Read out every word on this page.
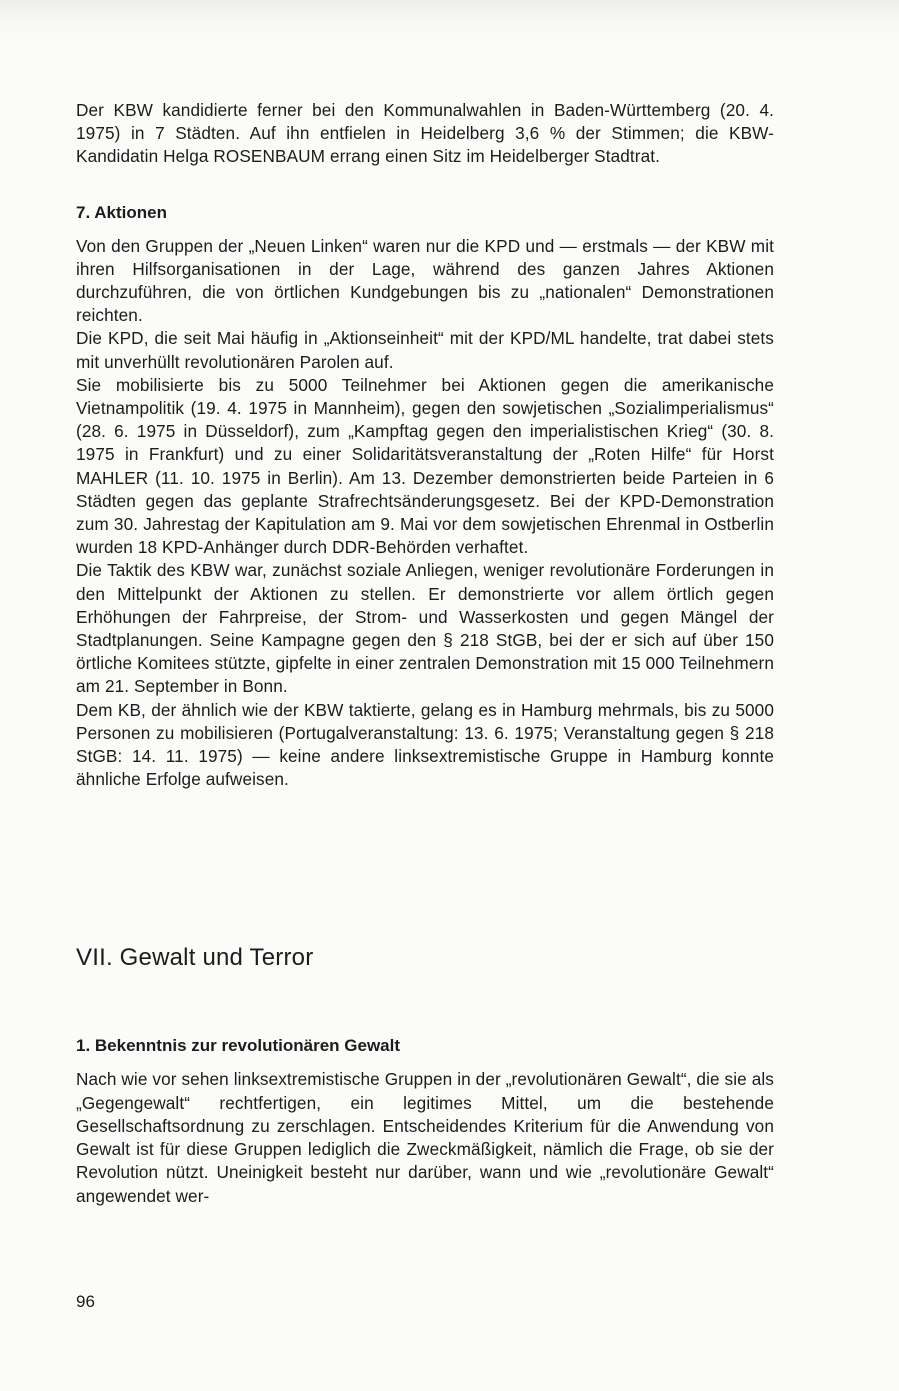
Der KBW kandidierte ferner bei den Kommunalwahlen in Baden-Württemberg (20. 4. 1975) in 7 Städten. Auf ihn entfielen in Heidelberg 3,6 % der Stimmen; die KBW-Kandidatin Helga ROSENBAUM errang einen Sitz im Heidelberger Stadtrat.

7. Aktionen

Von den Gruppen der „Neuen Linken“ waren nur die KPD und — erstmals — der KBW mit ihren Hilfsorganisationen in der Lage, während des ganzen Jahres Aktionen durchzuführen, die von örtlichen Kundgebungen bis zu „nationalen“ Demonstrationen reichten.

Die KPD, die seit Mai häufig in „Aktionseinheit“ mit der KPD/ML handelte, trat dabei stets mit unverhüllt revolutionären Parolen auf.

Sie mobilisierte bis zu 5000 Teilnehmer bei Aktionen gegen die amerikanische Vietnampolitik (19. 4. 1975 in Mannheim), gegen den sowjetischen „Sozialimperialismus“ (28. 6. 1975 in Düsseldorf), zum „Kampftag gegen den imperialistischen Krieg“ (30. 8. 1975 in Frankfurt) und zu einer Solidaritätsveranstaltung der „Roten Hilfe“ für Horst MAHLER (11. 10. 1975 in Berlin). Am 13. Dezember demonstrierten beide Parteien in 6 Städten gegen das geplante Strafrechtsänderungsgesetz. Bei der KPD-Demonstration zum 30. Jahrestag der Kapitulation am 9. Mai vor dem sowjetischen Ehrenmal in Ostberlin wurden 18 KPD-Anhänger durch DDR-Behörden verhaftet.

Die Taktik des KBW war, zunächst soziale Anliegen, weniger revolutionäre Forderungen in den Mittelpunkt der Aktionen zu stellen. Er demonstrierte vor allem örtlich gegen Erhöhungen der Fahrpreise, der Strom- und Wasserkosten und gegen Mängel der Stadtplanungen. Seine Kampagne gegen den § 218 StGB, bei der er sich auf über 150 örtliche Komitees stützte, gipfelte in einer zentralen Demonstration mit 15 000 Teilnehmern am 21. September in Bonn.

Dem KB, der ähnlich wie der KBW taktierte, gelang es in Hamburg mehrmals, bis zu 5000 Personen zu mobilisieren (Portugalveranstaltung: 13. 6. 1975; Veranstaltung gegen § 218 StGB: 14. 11. 1975) — keine andere linksextremistische Gruppe in Hamburg konnte ähnliche Erfolge aufweisen.

VII. Gewalt und Terror
1. Bekenntnis zur revolutionären Gewalt

Nach wie vor sehen linksextremistische Gruppen in der „revolutionären Gewalt“, die sie als „Gegengewalt“ rechtfertigen, ein legitimes Mittel, um die bestehende Gesellschaftsordnung zu zerschlagen. Entscheidendes Kriterium für die Anwendung von Gewalt ist für diese Gruppen lediglich die Zweckmäßigkeit, nämlich die Frage, ob sie der Revolution nützt. Uneinigkeit besteht nur darüber, wann und wie „revolutionäre Gewalt“ angewendet wer-

96
